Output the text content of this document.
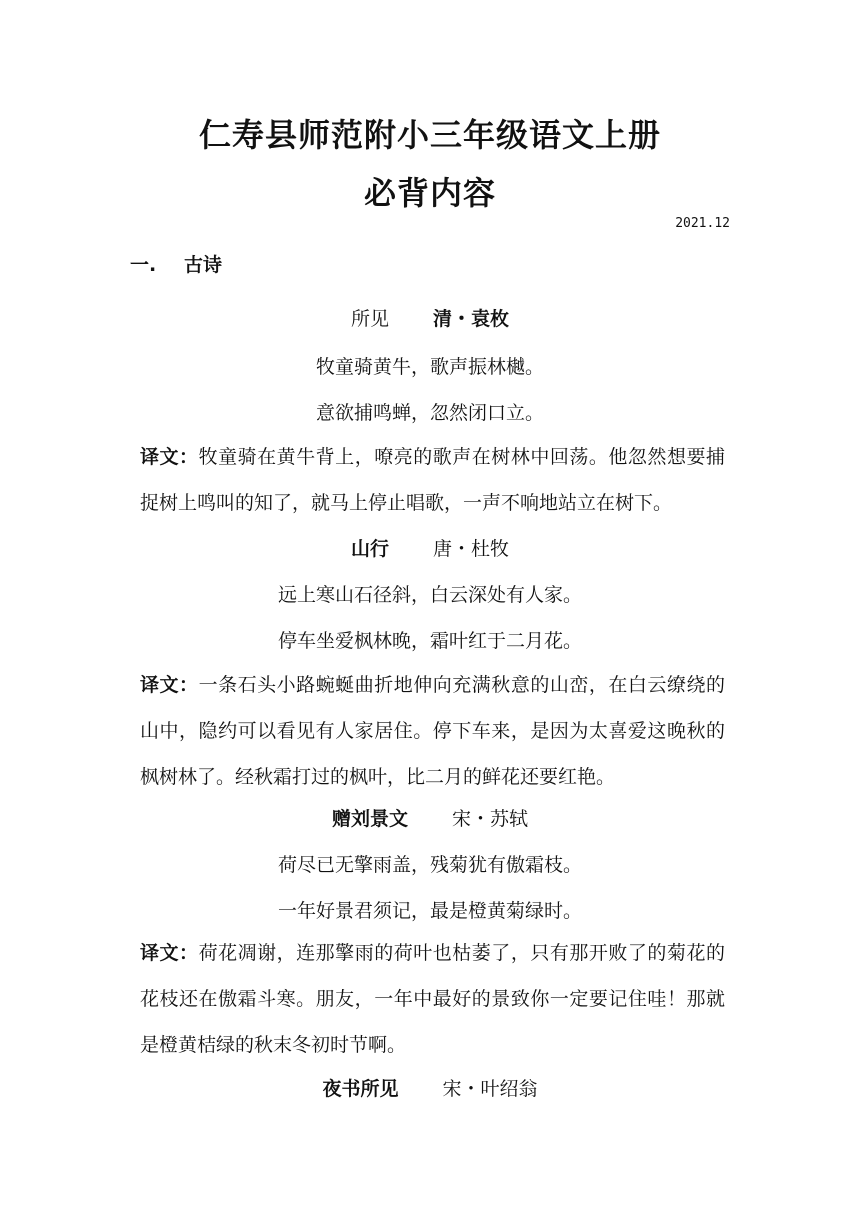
仁寿县师范附小三年级语文上册
必背内容
2021.12
一. 古诗
所见 清・袁枚
牧童骑黄牛，歌声振林樾。
意欲捕鸣蝉，忽然闭口立。
译文：牧童骑在黄牛背上，嘹亮的歌声在树林中回荡。他忽然想要捕捉树上鸣叫的知了，就马上停止唱歌，一声不响地站立在树下。
山行 唐・杜牧
远上寒山石径斜，白云深处有人家。
停车坐爱枫林晚，霜叶红于二月花。
译文：一条石头小路蜿蜒曲折地伸向充满秋意的山峦，在白云缭绕的山中，隐约可以看见有人家居住。停下车来，是因为太喜爱这晚秋的枫树林了。经秋霜打过的枫叶，比二月的鲜花还要红艳。
赠刘景文 宋・苏轼
荷尽已无擎雨盖，残菊犹有傲霜枝。
一年好景君须记，最是橙黄菊绿时。
译文：荷花凋谢，连那擎雨的荷叶也枯萎了，只有那开败了的菊花的花枝还在傲霜斗寒。朋友，一年中最好的景致你一定要记住哇！那就是橙黄桔绿的秋末冬初时节啊。
夜书所见 宋・叶绍翁
